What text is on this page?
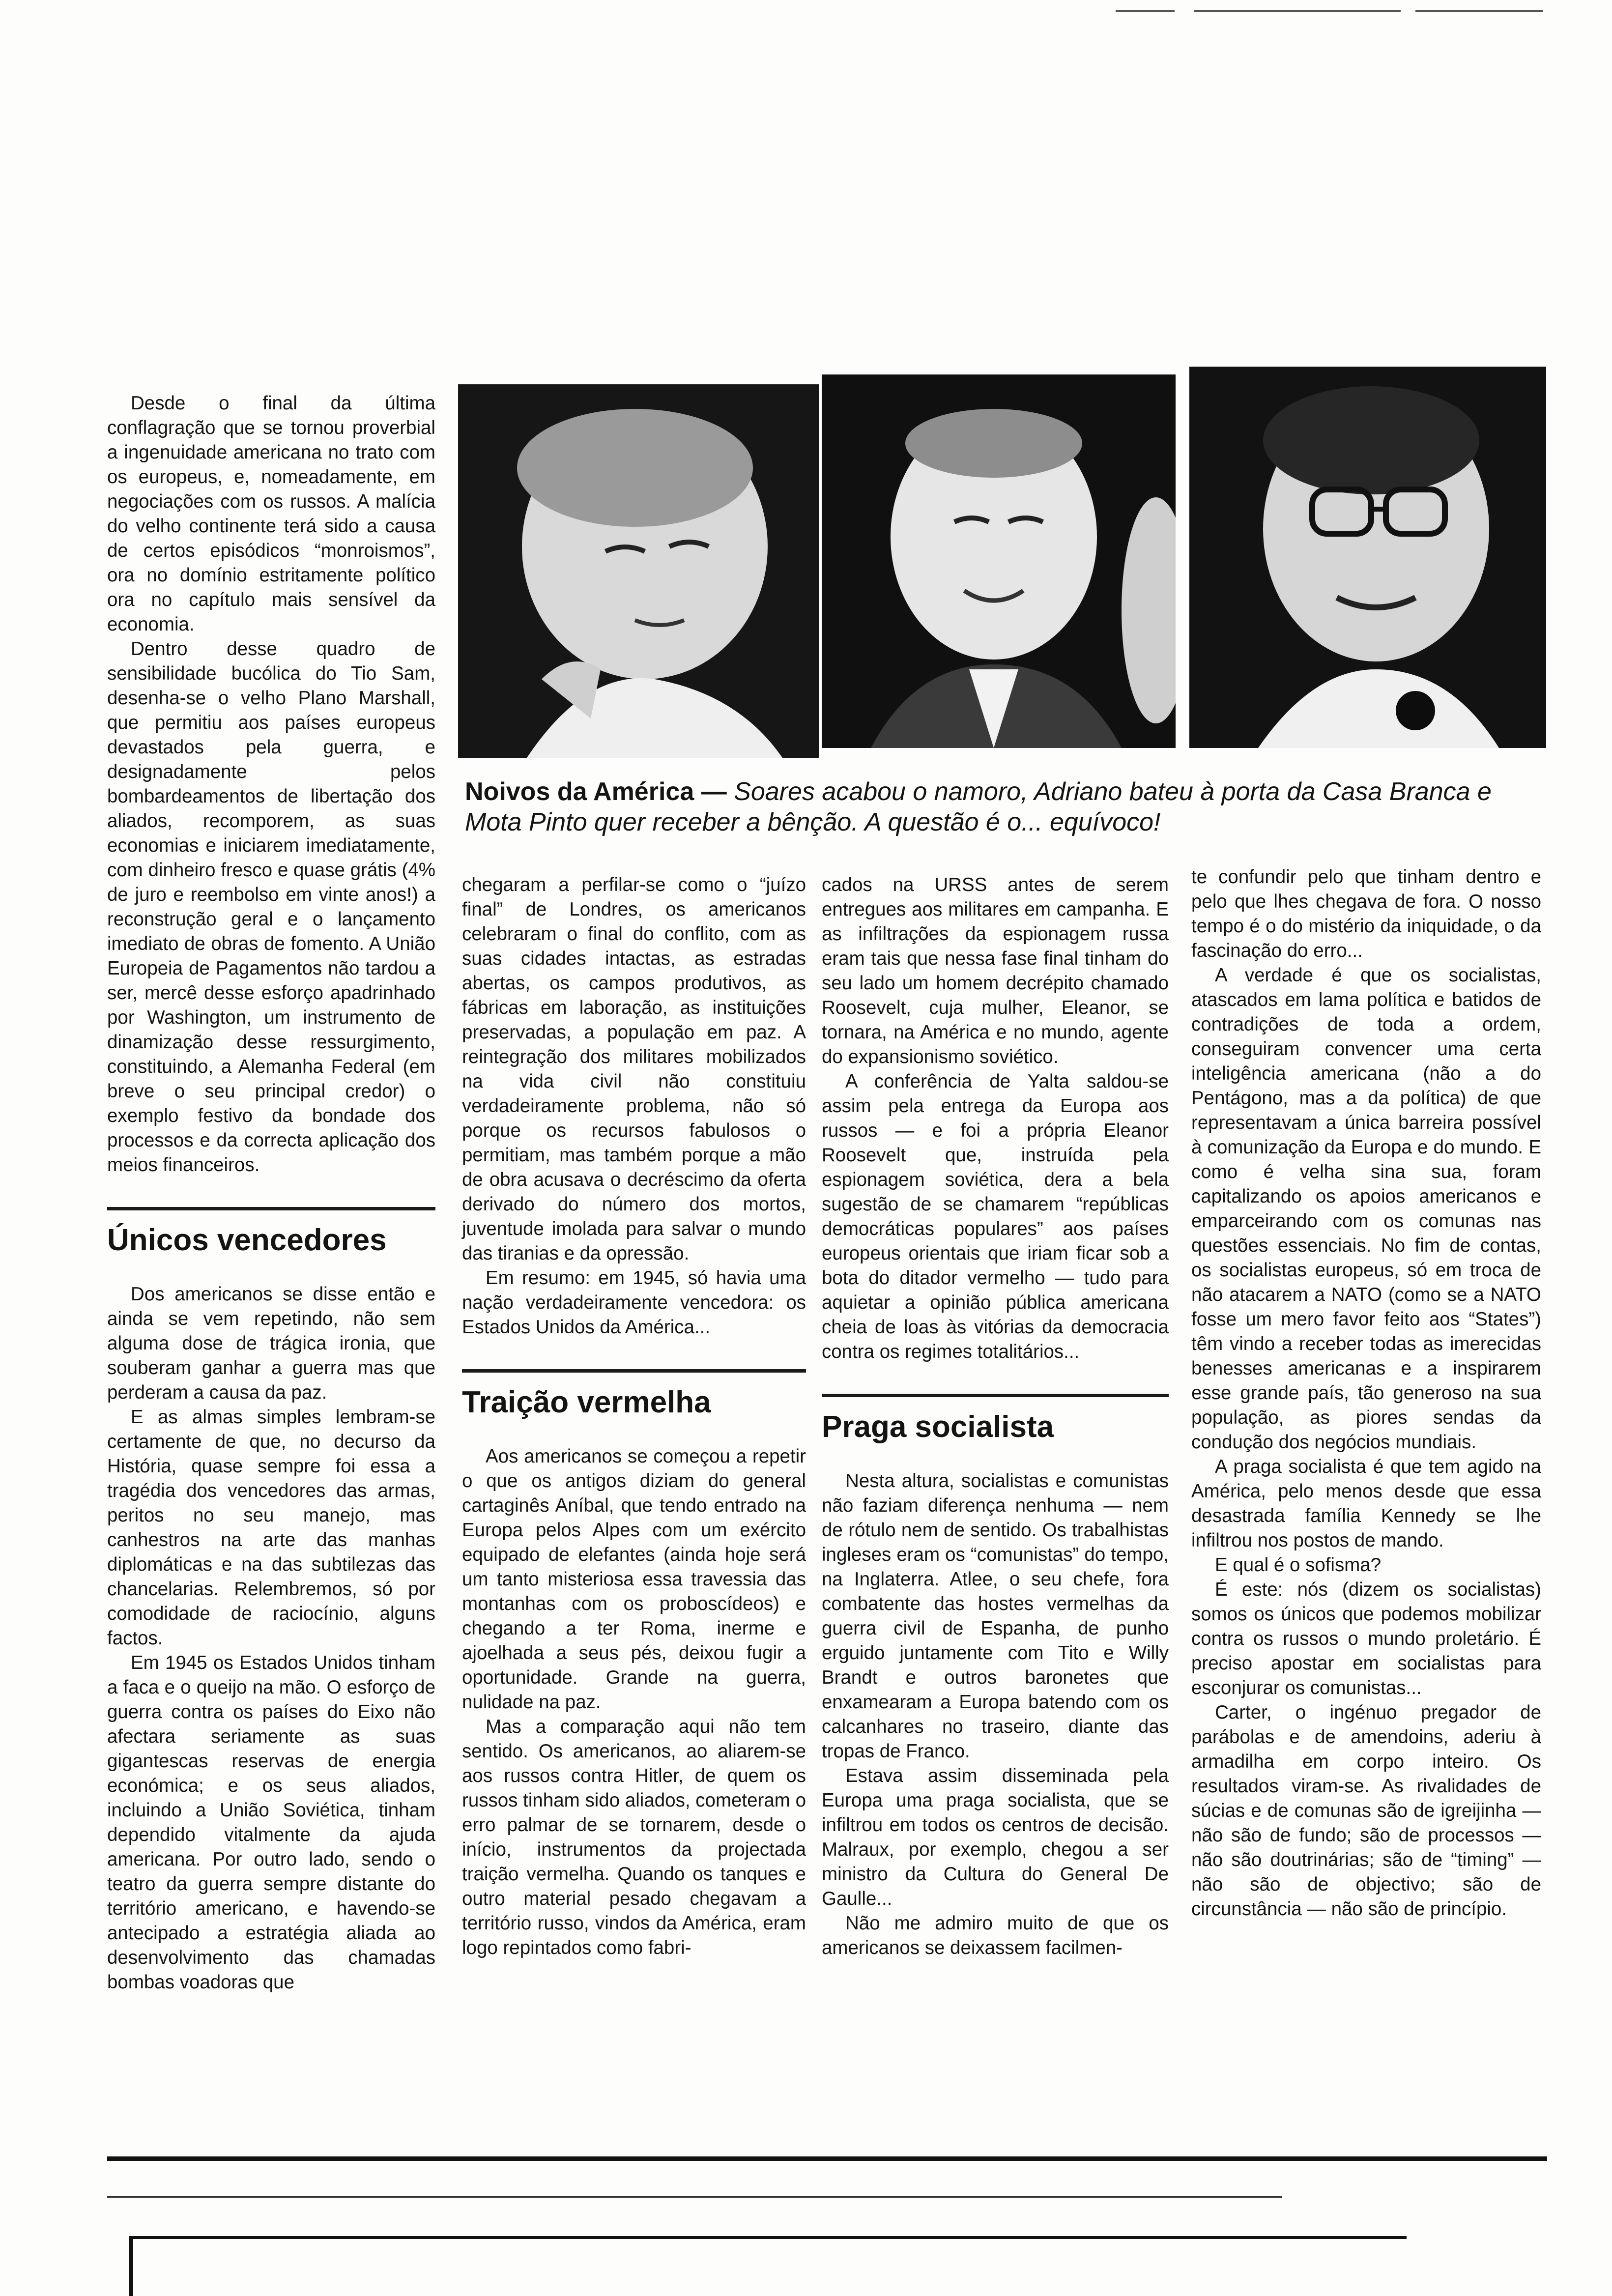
Noivos da América — Soares acabou o namoro, Adriano bateu à porta da Casa Branca e Mota Pinto quer receber a bênção. A questão é o... equívoco!

Desde o final da última conflagração que se tornou proverbial a ingenuidade americana no trato com os europeus, e, nomeadamente, em negociações com os russos. A malícia do velho continente terá sido a causa de certos episódicos “monroismos”, ora no domínio estritamente político ora no capítulo mais sensível da economia.

Dentro desse quadro de sensibilidade bucólica do Tio Sam, desenha-se o velho Plano Marshall, que permitiu aos países europeus devastados pela guerra, e designadamente pelos bombardeamentos de libertação dos aliados, recomporem, as suas economias e iniciarem imediatamente, com dinheiro fresco e quase grátis (4% de juro e reembolso em vinte anos!) a reconstrução geral e o lançamento imediato de obras de fomento. A União Europeia de Pagamentos não tardou a ser, mercê desse esforço apadrinhado por Washington, um instrumento de dinamização desse ressurgimento, constituindo, a Alemanha Federal (em breve o seu principal credor) o exemplo festivo da bondade dos processos e da correcta aplicação dos meios financeiros.

Únicos vencedores

Dos americanos se disse então e ainda se vem repetindo, não sem alguma dose de trágica ironia, que souberam ganhar a guerra mas que perderam a causa da paz.

E as almas simples lembram-se certamente de que, no decurso da História, quase sempre foi essa a tragédia dos vencedores das armas, peritos no seu manejo, mas canhestros na arte das manhas diplomáticas e na das subtilezas das chancelarias. Relembremos, só por comodidade de raciocínio, alguns factos.

Em 1945 os Estados Unidos tinham a faca e o queijo na mão. O esforço de guerra contra os países do Eixo não afectara seriamente as suas gigantescas reservas de energia económica; e os seus aliados, incluindo a União Soviética, tinham dependido vitalmente da ajuda americana. Por outro lado, sendo o teatro da guerra sempre distante do território americano, e havendo-se antecipado a estratégia aliada ao desenvolvimento das chamadas bombas voadoras que

chegaram a perfilar-se como o “juízo final” de Londres, os americanos celebraram o final do conflito, com as suas cidades intactas, as estradas abertas, os campos produtivos, as fábricas em laboração, as instituições preservadas, a população em paz. A reintegração dos militares mobilizados na vida civil não constituiu verdadeiramente problema, não só porque os recursos fabulosos o permitiam, mas também porque a mão de obra acusava o decréscimo da oferta derivado do número dos mortos, juventude imolada para salvar o mundo das tiranias e da opressão.

Em resumo: em 1945, só havia uma nação verdadeiramente vencedora: os Estados Unidos da América...

Traição vermelha

Aos americanos se começou a repetir o que os antigos diziam do general cartaginês Aníbal, que tendo entrado na Europa pelos Alpes com um exército equipado de elefantes (ainda hoje será um tanto misteriosa essa travessia das montanhas com os proboscídeos) e chegando a ter Roma, inerme e ajoelhada a seus pés, deixou fugir a oportunidade. Grande na guerra, nulidade na paz.

Mas a comparação aqui não tem sentido. Os americanos, ao aliarem-se aos russos contra Hitler, de quem os russos tinham sido aliados, cometeram o erro palmar de se tornarem, desde o início, instrumentos da projectada traição vermelha. Quando os tanques e outro material pesado chegavam a território russo, vindos da América, eram logo repintados como fabri-

cados na URSS antes de serem entregues aos militares em campanha. E as infiltrações da espionagem russa eram tais que nessa fase final tinham do seu lado um homem decrépito chamado Roosevelt, cuja mulher, Eleanor, se tornara, na América e no mundo, agente do expansionismo soviético.

A conferência de Yalta saldou-se assim pela entrega da Europa aos russos — e foi a própria Eleanor Roosevelt que, instruída pela espionagem soviética, dera a bela sugestão de se chamarem “repúblicas democráticas populares” aos países europeus orientais que iriam ficar sob a bota do ditador vermelho — tudo para aquietar a opinião pública americana cheia de loas às vitórias da democracia contra os regimes totalitários...

Praga socialista

Nesta altura, socialistas e comunistas não faziam diferença nenhuma — nem de rótulo nem de sentido. Os trabalhistas ingleses eram os “comunistas” do tempo, na Inglaterra. Atlee, o seu chefe, fora combatente das hostes vermelhas da guerra civil de Espanha, de punho erguido juntamente com Tito e Willy Brandt e outros baronetes que enxamearam a Europa batendo com os calcanhares no traseiro, diante das tropas de Franco.

Estava assim disseminada pela Europa uma praga socialista, que se infiltrou em todos os centros de decisão. Malraux, por exemplo, chegou a ser ministro da Cultura do General De Gaulle...

Não me admiro muito de que os americanos se deixassem facilmen-

te confundir pelo que tinham dentro e pelo que lhes chegava de fora. O nosso tempo é o do mistério da iniquidade, o da fascinação do erro...

A verdade é que os socialistas, atascados em lama política e batidos de contradições de toda a ordem, conseguiram convencer uma certa inteligência americana (não a do Pentágono, mas a da política) de que representavam a única barreira possível à comunização da Europa e do mundo. E como é velha sina sua, foram capitalizando os apoios americanos e emparceirando com os comunas nas questões essenciais. No fim de contas, os socialistas europeus, só em troca de não atacarem a NATO (como se a NATO fosse um mero favor feito aos “States”) têm vindo a receber todas as imerecidas benesses americanas e a inspirarem esse grande país, tão generoso na sua população, as piores sendas da condução dos negócios mundiais.

A praga socialista é que tem agido na América, pelo menos desde que essa desastrada família Kennedy se lhe infiltrou nos postos de mando.

E qual é o sofisma?

É este: nós (dizem os socialistas) somos os únicos que podemos mobilizar contra os russos o mundo proletário. É preciso apostar em socialistas para esconjurar os comunistas...

Carter, o ingénuo pregador de parábolas e de amendoins, aderiu à armadilha em corpo inteiro. Os resultados viram-se. As rivalidades de súcias e de comunas são de igreijinha — não são de fundo; são de processos — não são doutrinárias; são de “timing” — não são de objectivo; são de circunstância — não são de princípio.
